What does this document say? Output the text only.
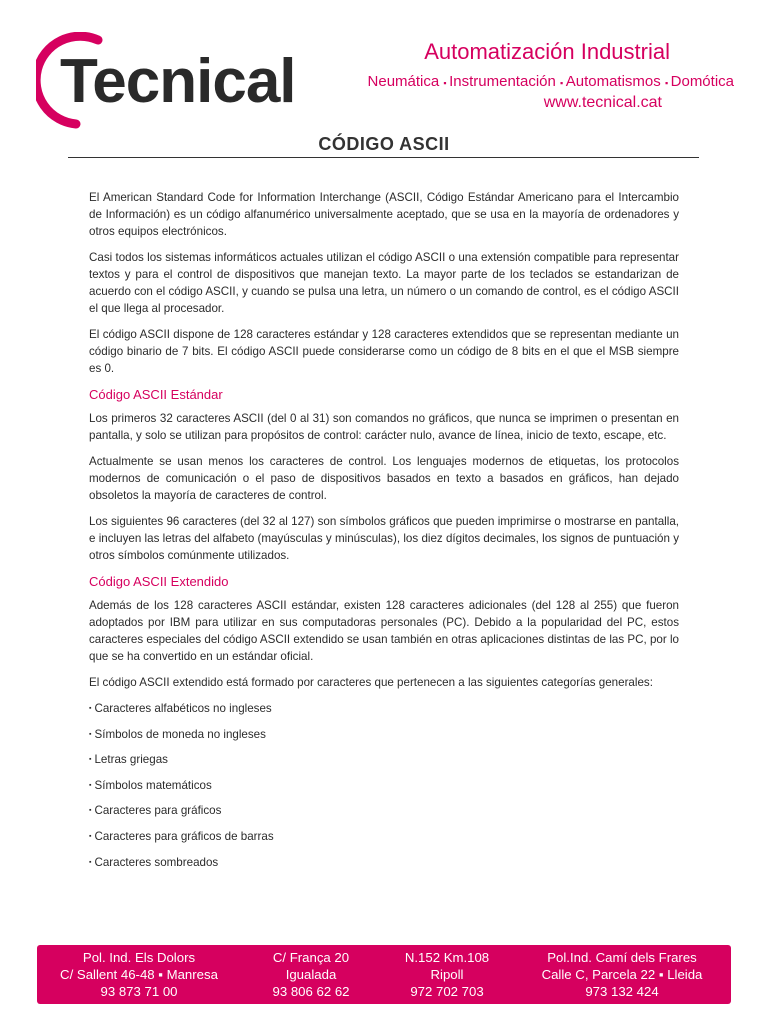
Tecnical	Automatización Industrial
Neumática ▪ Instrumentación ▪ Automatismos ▪ Domótica
www.tecnical.cat
CÓDIGO ASCII

El American Standard Code for Information Interchange (ASCII, Código Estándar Americano para el Intercambio de Información) es un código alfanumérico universalmente aceptado, que se usa en la mayoría de ordenadores y otros equipos electrónicos.

Casi todos los sistemas informáticos actuales utilizan el código ASCII o una extensión compatible para representar textos y para el control de dispositivos que manejan texto. La mayor parte de los teclados se estandarizan de acuerdo con el código ASCII, y cuando se pulsa una letra, un número o un comando de control, es el código ASCII el que llega al procesador.

El código ASCII dispone de 128 caracteres estándar y 128 caracteres extendidos que se representan mediante un código binario de 7 bits. El código ASCII puede considerarse como un código de 8 bits en el que el MSB siempre es 0.

Código ASCII Estándar

Los primeros 32 caracteres ASCII (del 0 al 31) son comandos no gráficos, que nunca se imprimen o presentan en pantalla, y solo se utilizan para propósitos de control: carácter nulo, avance de línea, inicio de texto, escape, etc.

Actualmente se usan menos los caracteres de control. Los lenguajes modernos de etiquetas, los protocolos modernos de comunicación o el paso de dispositivos basados en texto a basados en gráficos, han dejado obsoletos la mayoría de caracteres de control.

Los siguientes 96 caracteres (del 32 al 127) son símbolos gráficos que pueden imprimirse o mostrarse en pantalla, e incluyen las letras del alfabeto (mayúsculas y minúsculas), los diez dígitos decimales, los signos de puntuación y otros símbolos comúnmente utilizados.

Código ASCII Extendido

Además de los 128 caracteres ASCII estándar, existen 128 caracteres adicionales (del 128 al 255) que fueron adoptados por IBM para utilizar en sus computadoras personales (PC). Debido a la popularidad del PC, estos caracteres especiales del código ASCII extendido se usan también en otras aplicaciones distintas de las PC, por lo que se ha convertido en un estándar oficial.

El código ASCII extendido está formado por caracteres que pertenecen a las siguientes categorías generales:

▪ Caracteres alfabéticos no ingleses
▪ Símbolos de moneda no ingleses
▪ Letras griegas
▪ Símbolos matemáticos
▪ Caracteres para gráficos
▪ Caracteres para gráficos de barras
▪ Caracteres sombreados
Pol. Ind. Els Dolors
C/ Sallent 46-48 ▪ Manresa
93 873 71 00
C/ França 20
Igualada
93 806 62 62
N.152 Km.108
Ripoll
972 702 703
Pol.Ind. Camí dels Frares
Calle C, Parcela 22 ▪ Lleida
973 132 424
